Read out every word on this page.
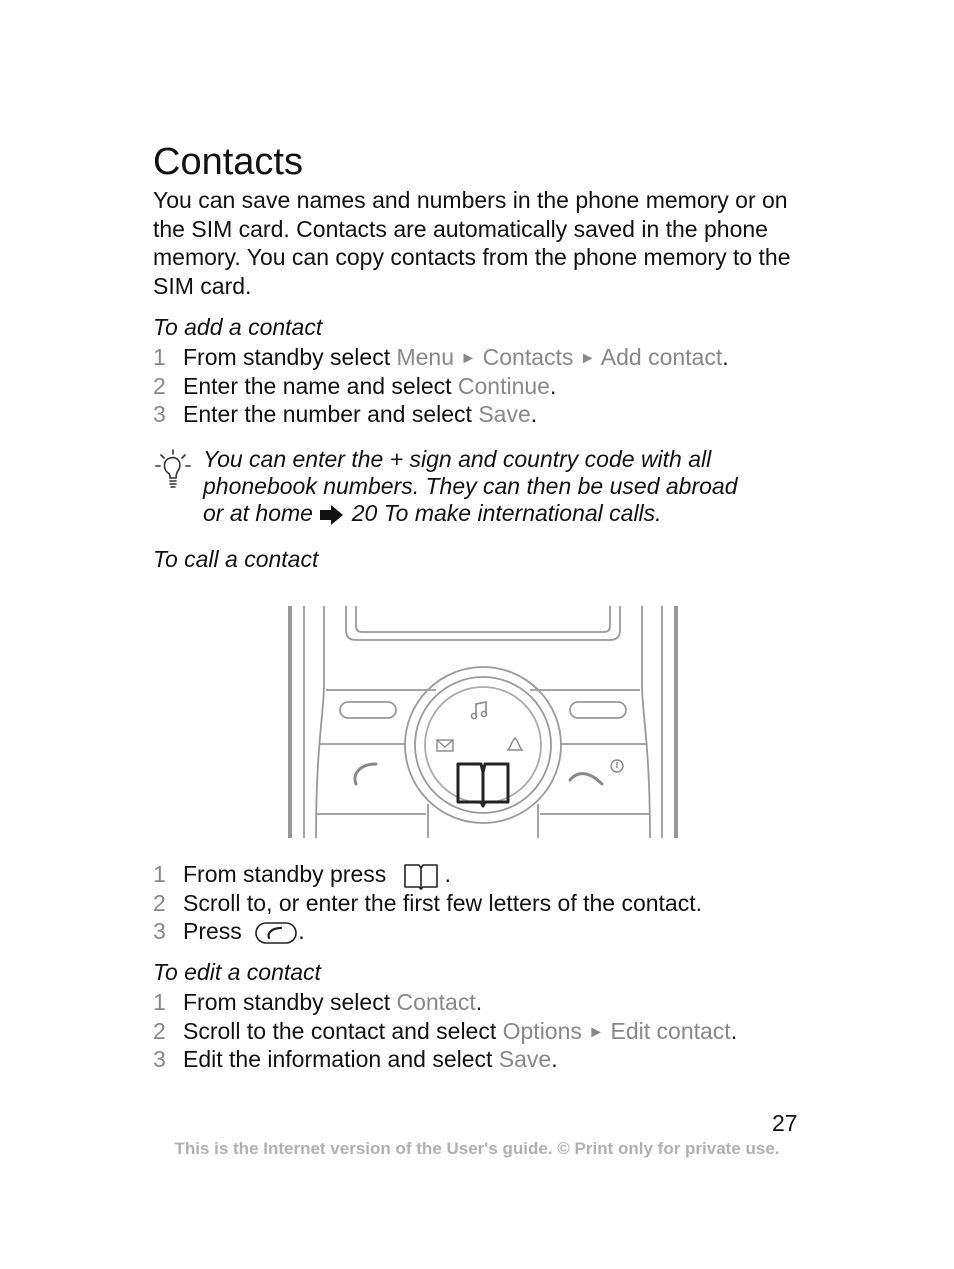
Contacts

You can save names and numbers in the phone memory or on the SIM card. Contacts are automatically saved in the phone memory. You can copy contacts from the phone memory to the SIM card.

To add a contact
1 From standby select Menu ► Contacts ► Add contact.
2 Enter the name and select Continue.
3 Enter the number and select Save.
You can enter the + sign and country code with all
phonebook numbers. They can then be used abroad
or at home 20 To make international calls.
To call a contact
1 From standby press	.
2 Scroll to, or enter the first few letters of the contact.
3 Press .
To edit a contact
1 From standby select Contact.
2 Scroll to the contact and select Options ► Edit contact.
3 Edit the information and select Save.
27
This is the Internet version of the User's guide. © Print only for private use.
